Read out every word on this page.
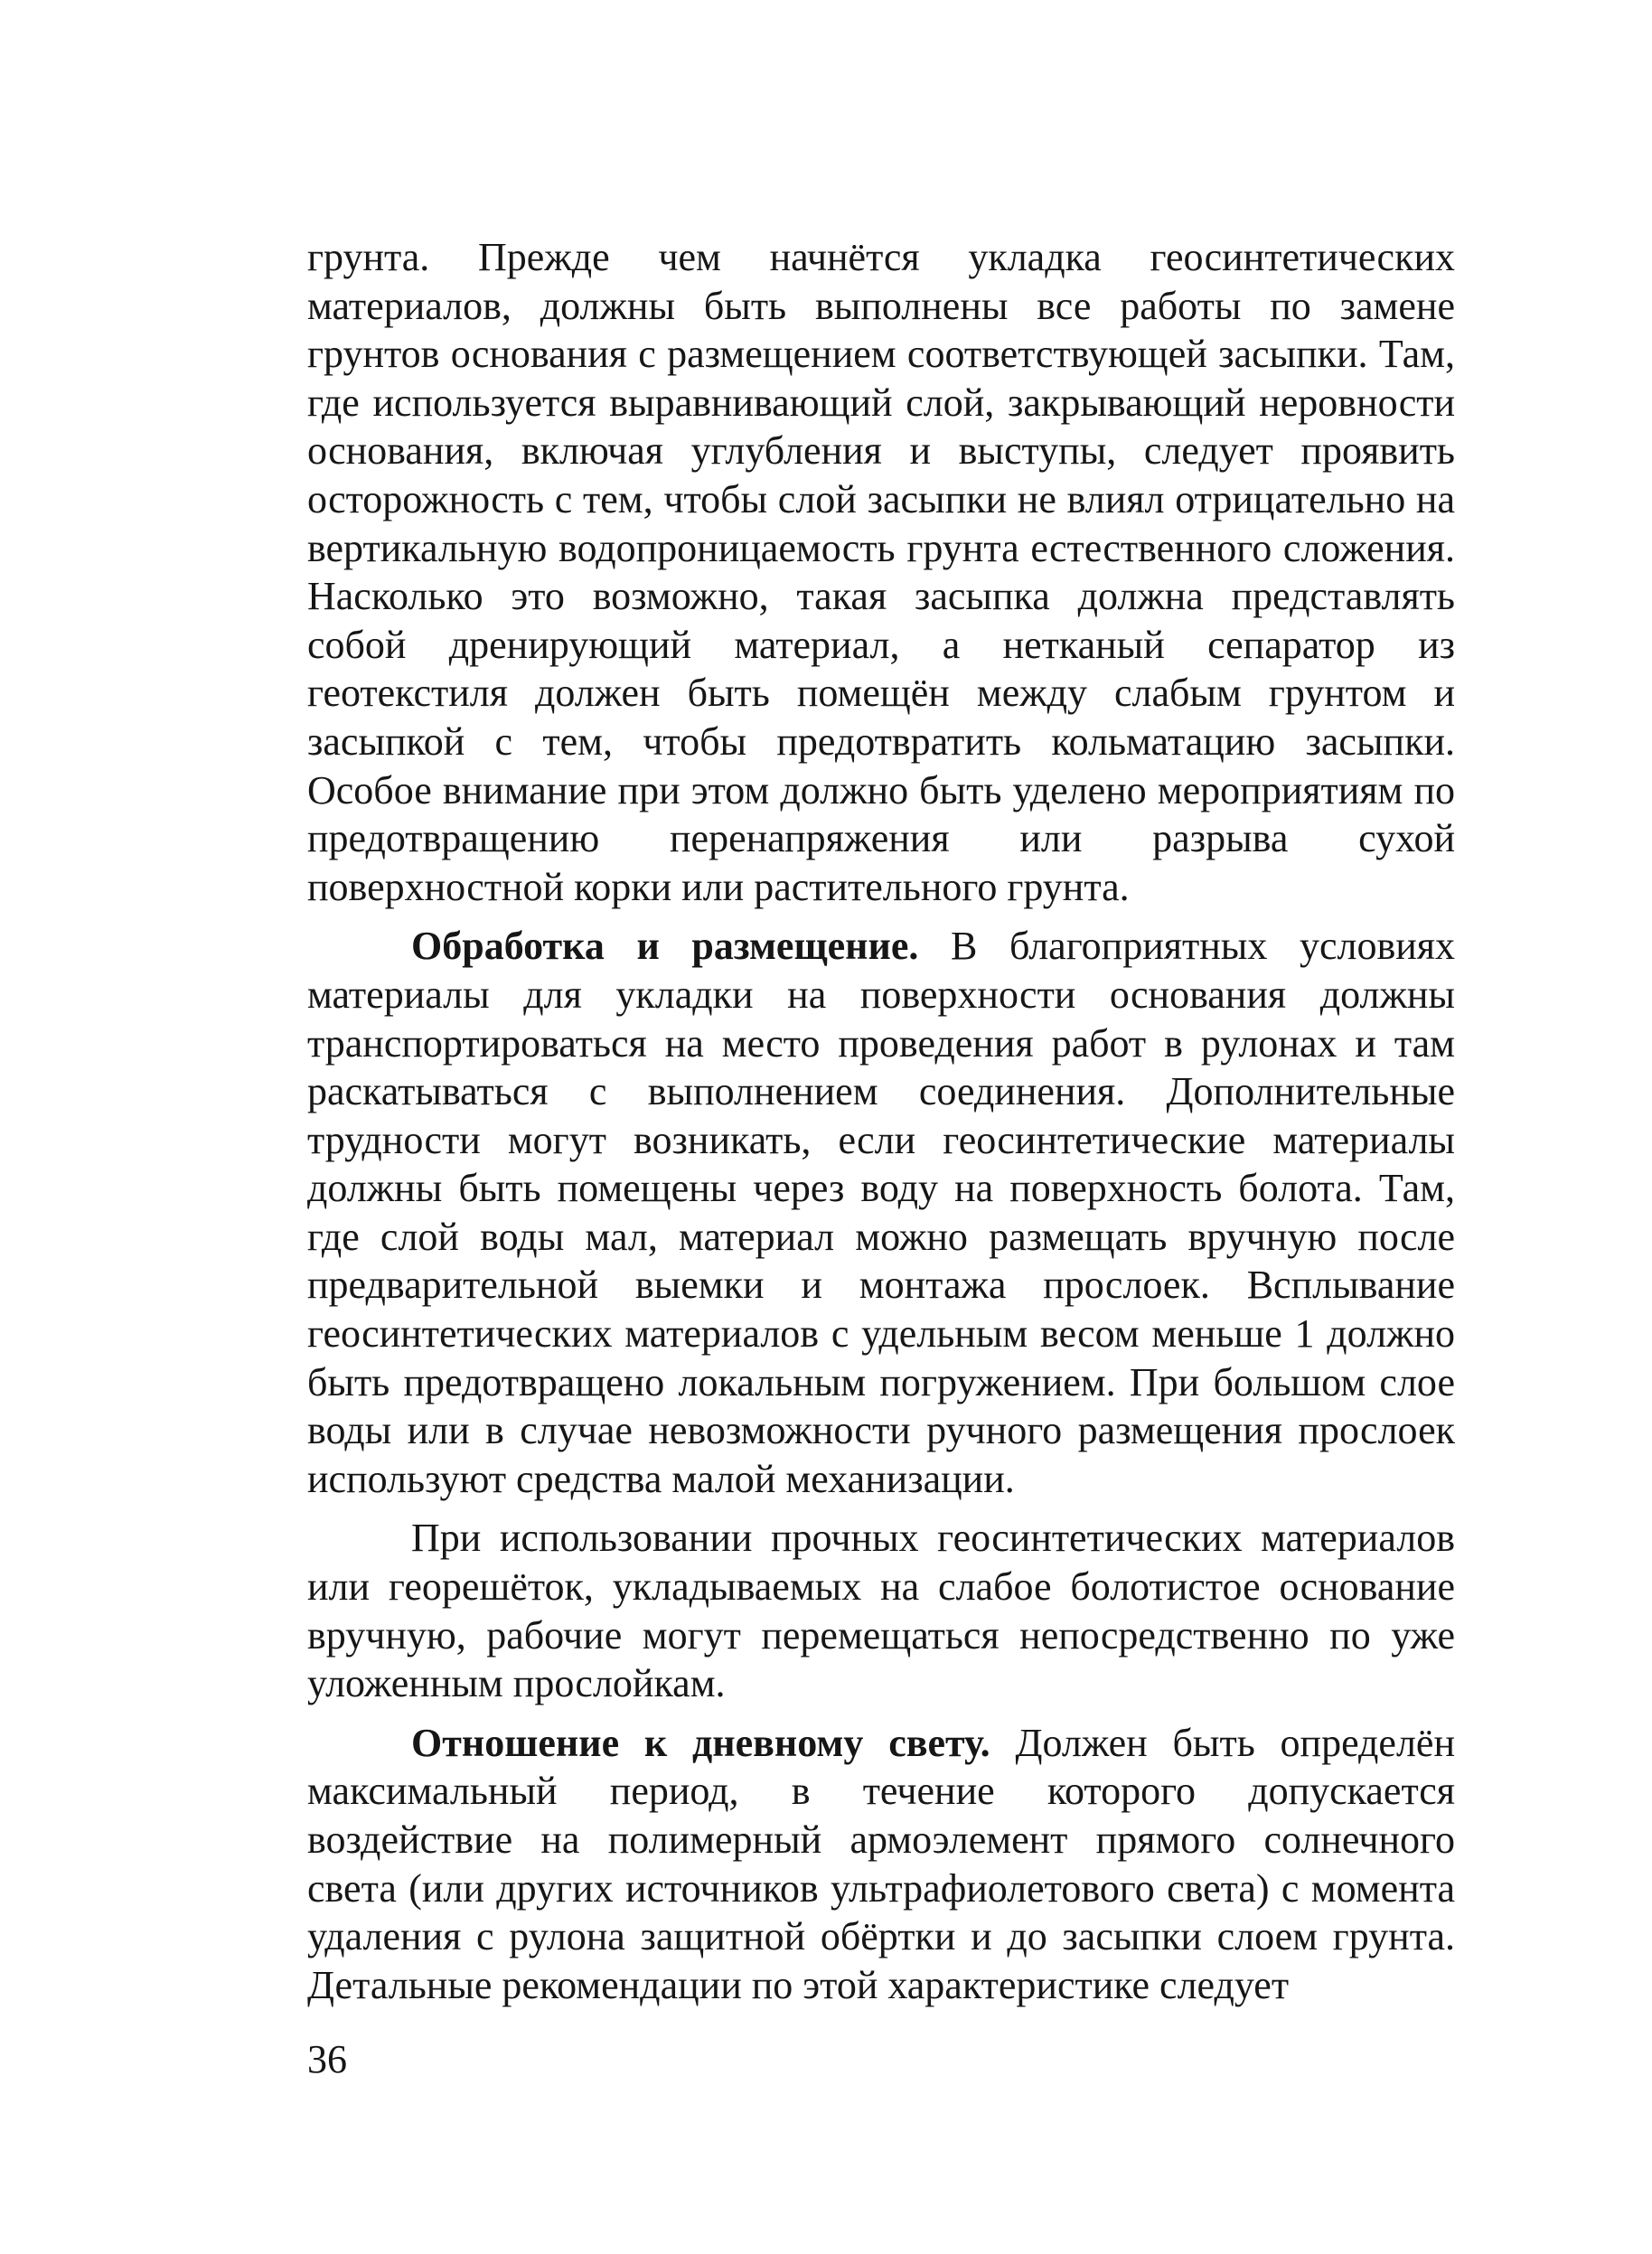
грунта. Прежде чем начнётся укладка геосинтетических материалов, должны быть выполнены все работы по замене грунтов основания с размещением соответствующей засыпки. Там, где используется выравнивающий слой, закрывающий неровности основания, включая углубления и выступы, следует проявить осторожность с тем, чтобы слой засыпки не влиял отрицательно на вертикальную водопроницаемость грунта естественного сложения. Насколько это возможно, такая засыпка должна представлять собой дренирующий материал, а нетканый сепаратор из геотекстиля должен быть помещён между слабым грунтом и засыпкой с тем, чтобы предотвратить кольматацию засыпки. Особое внимание при этом должно быть уделено мероприятиям по предотвращению перенапряжения или разрыва сухой поверхностной корки или растительного грунта.

Обработка и размещение. В благоприятных условиях материалы для укладки на поверхности основания должны транспортироваться на место проведения работ в рулонах и там раскатываться с выполнением соединения. Дополнительные трудности могут возникать, если геосинтетические материалы должны быть помещены через воду на поверхность болота. Там, где слой воды мал, материал можно размещать вручную после предварительной выемки и монтажа прослоек. Всплывание геосинтетических материалов с удельным весом меньше 1 должно быть предотвращено локальным погружением. При большом слое воды или в случае невозможности ручного размещения прослоек используют средства малой механизации.

При использовании прочных геосинтетических материалов или георешёток, укладываемых на слабое болотистое основание вручную, рабочие могут перемещаться непосредственно по уже уложенным прослойкам.

Отношение к дневному свету. Должен быть определён максимальный период, в течение которого допускается воздействие на полимерный армоэлемент прямого солнечного света (или других источников ультрафиолетового света) с момента удаления с рулона защитной обёртки и до засыпки слоем грунта. Детальные рекомендации по этой характеристике следует

36
